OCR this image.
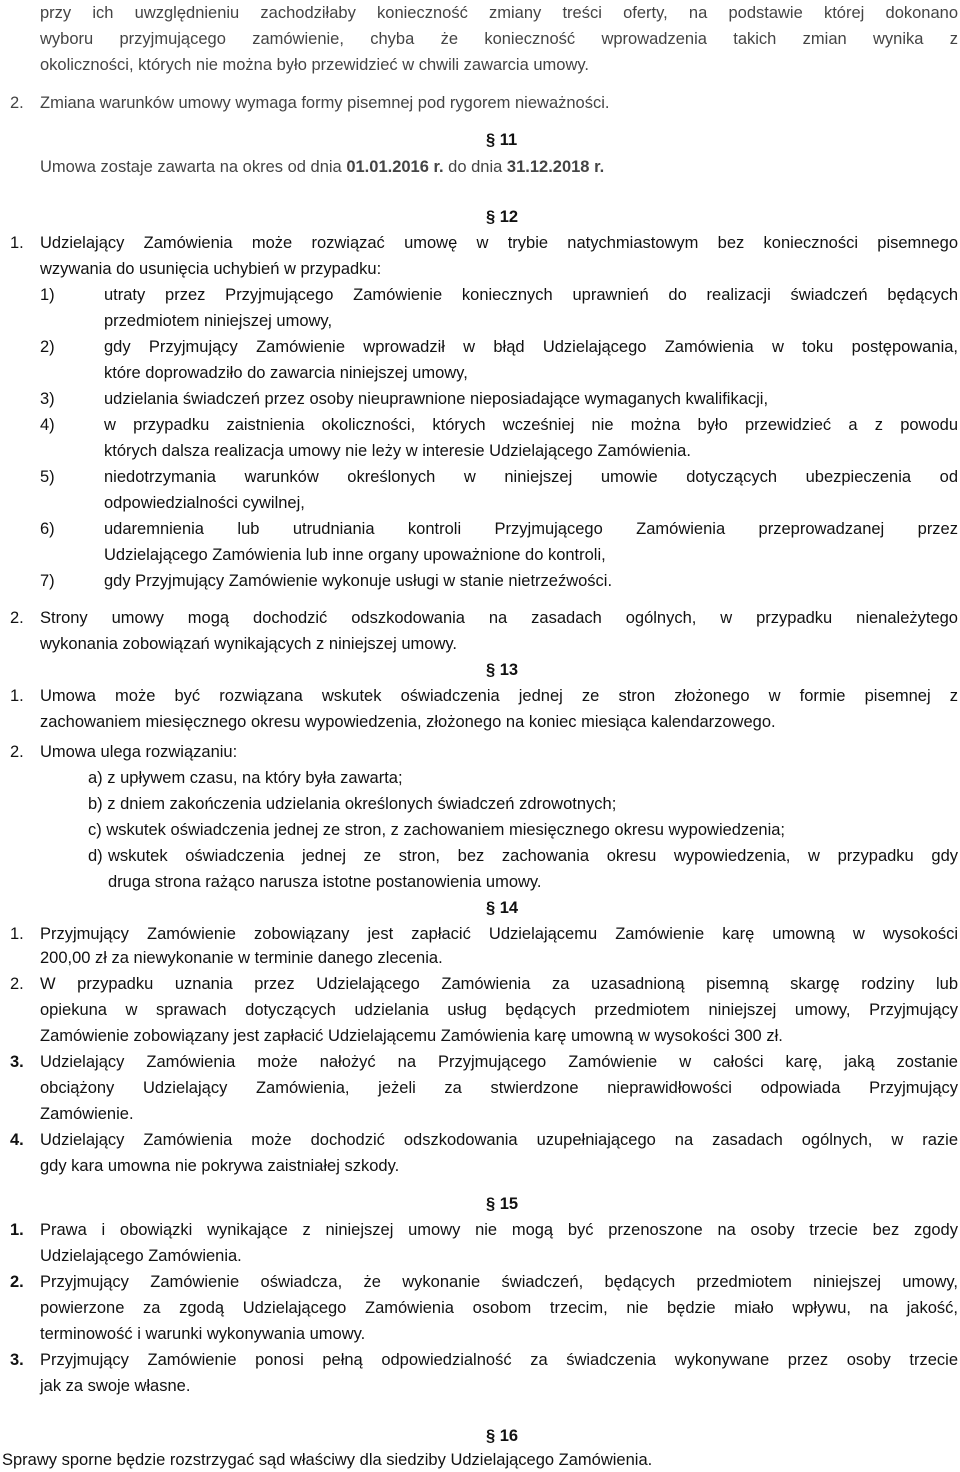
przy ich uwzględnieniu zachodziłaby konieczność zmiany treści oferty, na podstawie której dokonano
wyboru przyjmującego zamówienie, chyba że konieczność wprowadzenia takich zmian wynika z
okoliczności, których nie można było przewidzieć w chwili zawarcia umowy.
2. Zmiana warunków umowy wymaga formy pisemnej pod rygorem nieważności.
§ 11
Umowa zostaje zawarta na okres od dnia 01.01.2016 r. do dnia 31.12.2018 r.
§ 12
1. Udzielający Zamówienia może rozwiązać umowę w trybie natychmiastowym bez konieczności pisemnego
wzywania do usunięcia uchybień w przypadku:
1)	utraty przez Przyjmującego Zamówienie koniecznych uprawnień do realizacji świadczeń będących
przedmiotem niniejszej umowy,
2)	gdy Przyjmujący Zamówienie wprowadził w błąd Udzielającego Zamówienia w toku postępowania,
które doprowadziło do zawarcia niniejszej umowy,
3)	udzielania świadczeń przez osoby nieuprawnione nieposiadające wymaganych kwalifikacji,
4)	w przypadku zaistnienia okoliczności, których wcześniej nie można było przewidzieć a z powodu
których dalsza realizacja umowy nie leży w interesie Udzielającego Zamówienia.
5)	niedotrzymania warunków określonych w niniejszej umowie dotyczących ubezpieczenia od
odpowiedzialności cywilnej,
6)	udaremnienia lub utrudniania kontroli Przyjmującego Zamówienia przeprowadzanej przez
Udzielającego Zamówienia lub inne organy upoważnione do kontroli,
7)	gdy Przyjmujący Zamówienie wykonuje usługi w stanie nietrzeźwości.
2. Strony umowy mogą dochodzić odszkodowania na zasadach ogólnych, w przypadku nienależytego
wykonania zobowiązań wynikających z niniejszej umowy.
§ 13
1. Umowa może być rozwiązana wskutek oświadczenia jednej ze stron złożonego w formie pisemnej z
zachowaniem miesięcznego okresu wypowiedzenia, złożonego na koniec miesiąca kalendarzowego.
2. Umowa ulega rozwiązaniu:
a) z upływem czasu, na który była zawarta;
b) z dniem zakończenia udzielania określonych świadczeń zdrowotnych;
c) wskutek oświadczenia jednej ze stron, z zachowaniem miesięcznego okresu wypowiedzenia;
d) wskutek oświadczenia jednej ze stron, bez zachowania okresu wypowiedzenia, w przypadku gdy
druga strona rażąco narusza istotne postanowienia umowy.
§ 14
1. Przyjmujący Zamówienie zobowiązany jest zapłacić Udzielającemu Zamówienie karę umowną w wysokości
200,00 zł za niewykonanie w terminie danego zlecenia.
2. W przypadku uznania przez Udzielającego Zamówienia za uzasadnioną pisemną skargę rodziny lub
opiekuna w sprawach dotyczących udzielania usług będących przedmiotem niniejszej umowy, Przyjmujący
Zamówienie zobowiązany jest zapłacić Udzielającemu Zamówienia karę umowną w wysokości 300 zł.
3. Udzielający Zamówienia może nałożyć na Przyjmującego Zamówienie w całości karę, jaką zostanie
obciążony Udzielający Zamówienia, jeżeli za stwierdzone nieprawidłowości odpowiada Przyjmujący
Zamówienie.
4. Udzielający Zamówienia może dochodzić odszkodowania uzupełniającego na zasadach ogólnych, w razie
gdy kara umowna nie pokrywa zaistniałej szkody.
§ 15
1. Prawa i obowiązki wynikające z niniejszej umowy nie mogą być przenoszone na osoby trzecie bez zgody
Udzielającego Zamówienia.
2. Przyjmujący Zamówienie oświadcza, że wykonanie świadczeń, będących przedmiotem niniejszej umowy,
powierzone za zgodą Udzielającego Zamówienia osobom trzecim, nie będzie miało wpływu, na jakość,
terminowość i warunki wykonywania umowy.
3. Przyjmujący Zamówienie ponosi pełną odpowiedzialność za świadczenia wykonywane przez osoby trzecie
jak za swoje własne.
§ 16
Sprawy sporne będzie rozstrzygać sąd właściwy dla siedziby Udzielającego Zamówienia.
